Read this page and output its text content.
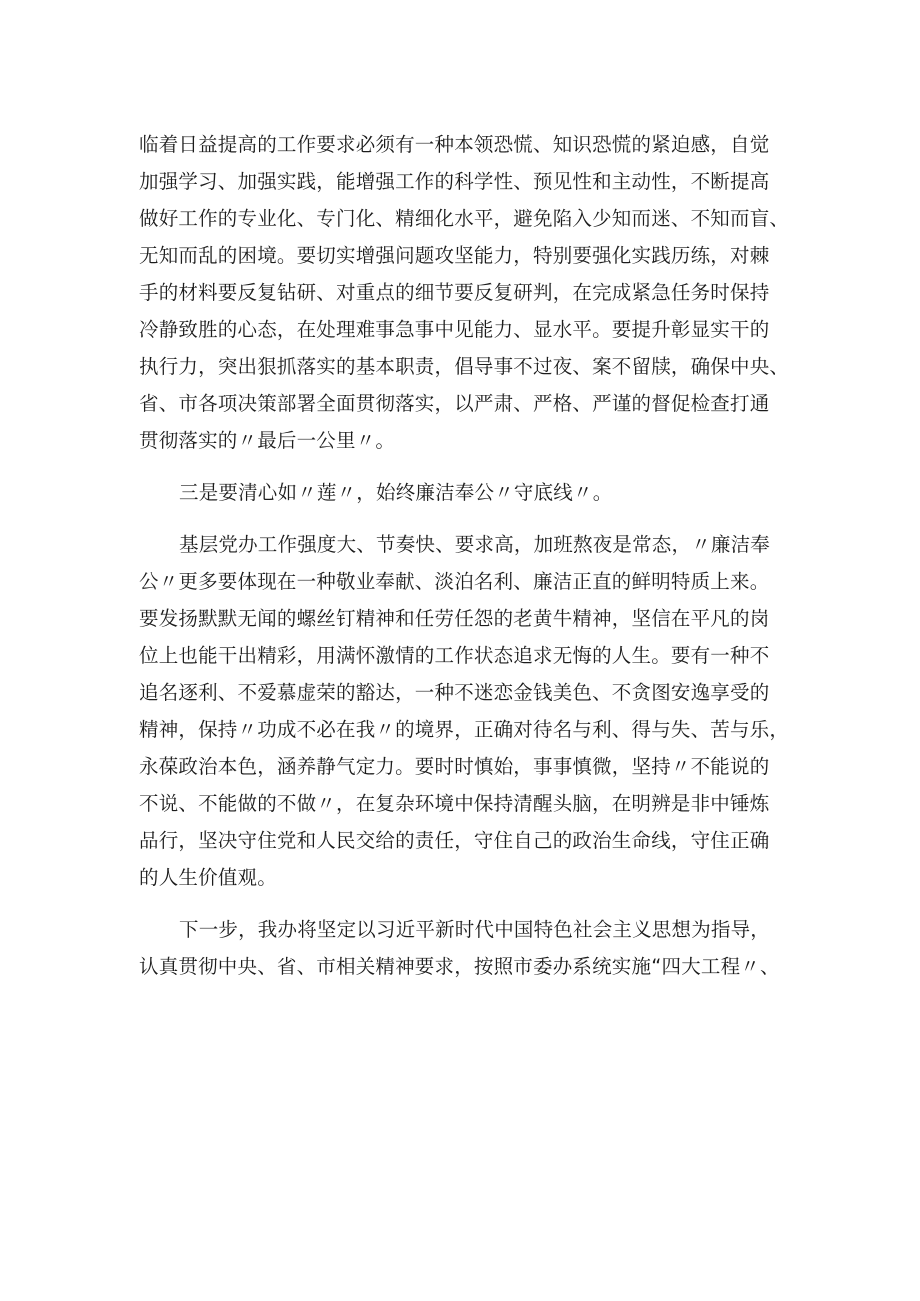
临着日益提高的工作要求必须有一种本领恐慌、知识恐慌的紧迫感，自觉
加强学习、加强实践，能增强工作的科学性、预见性和主动性，不断提高
做好工作的专业化、专门化、精细化水平，避免陷入少知而迷、不知而盲、
无知而乱的困境。要切实增强问题攻坚能力，特别要强化实践历练，对棘
手的材料要反复钻研、对重点的细节要反复研判，在完成紧急任务时保持
冷静致胜的心态，在处理难事急事中见能力、显水平。要提升彰显实干的
执行力，突出狠抓落实的基本职责，倡导事不过夜、案不留牍，确保中央、
省、市各项决策部署全面贯彻落实，以严肃、严格、严谨的督促检查打通
贯彻落实的〃最后一公里〃。
三是要清心如〃莲〃，始终廉洁奉公〃守底线〃。
基层党办工作强度大、节奏快、要求高，加班熬夜是常态，〃廉洁奉
公〃更多要体现在一种敬业奉献、淡泊名利、廉洁正直的鲜明特质上来。
要发扬默默无闻的螺丝钉精神和任劳任怨的老黄牛精神，坚信在平凡的岗
位上也能干出精彩，用满怀激情的工作状态追求无悔的人生。要有一种不
追名逐利、不爱慕虚荣的豁达，一种不迷恋金钱美色、不贪图安逸享受的
精神，保持〃功成不必在我〃的境界，正确对待名与利、得与失、苦与乐，
永葆政治本色，涵养静气定力。要时时慎始，事事慎微，坚持〃不能说的
不说、不能做的不做〃，在复杂环境中保持清醒头脑，在明辨是非中锤炼
品行，坚决守住党和人民交给的责任，守住自己的政治生命线，守住正确
的人生价值观。
下一步，我办将坚定以习近平新时代中国特色社会主义思想为指导，
认真贯彻中央、省、市相关精神要求，按照市委办系统实施“四大工程〃、
